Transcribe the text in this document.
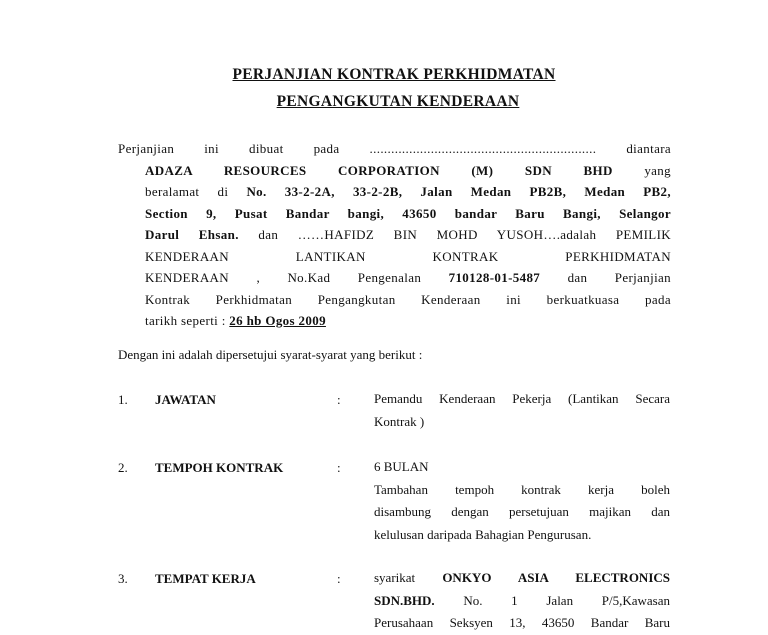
PERJANJIAN KONTRAK PERKHIDMATAN
PENGANGKUTAN KENDERAAN
Perjanjian ini dibuat pada ............................................................... diantara
ADAZA RESOURCES CORPORATION (M) SDN BHD yang
beralamat di No. 33-2-2A, 33-2-2B, Jalan Medan PB2B, Medan PB2,
Section 9, Pusat Bandar bangi, 43650 bandar Baru Bangi, Selangor
Darul Ehsan. dan ……HAFIDZ BIN MOHD YUSOH….adalah PEMILIK
KENDERAAN LANTIKAN KONTRAK PERKHIDMATAN
KENDERAAN , No.Kad Pengenalan 710128-01-5487 dan Perjanjian
Kontrak Perkhidmatan Pengangkutan Kenderaan ini berkuatkuasa pada
tarikh seperti : 26 hb Ogos 2009
Dengan ini adalah dipersetujui syarat-syarat yang berikut :
1. JAWATAN	:	Pemandu Kenderaan Pekerja (Lantikan Secara
Kontrak )
2. TEMPOH KONTRAK	:	6 BULAN
Tambahan tempoh kontrak kerja boleh
disambung dengan persetujuan majikan dan
kelulusan daripada Bahagian Pengurusan.
3. TEMPAT KERJA	:	syarikat ONKYO ASIA ELECTRONICS
SDN.BHD. No. 1 Jalan P/5,Kawasan
Perusahaan Seksyen 13, 43650 Bandar Baru
